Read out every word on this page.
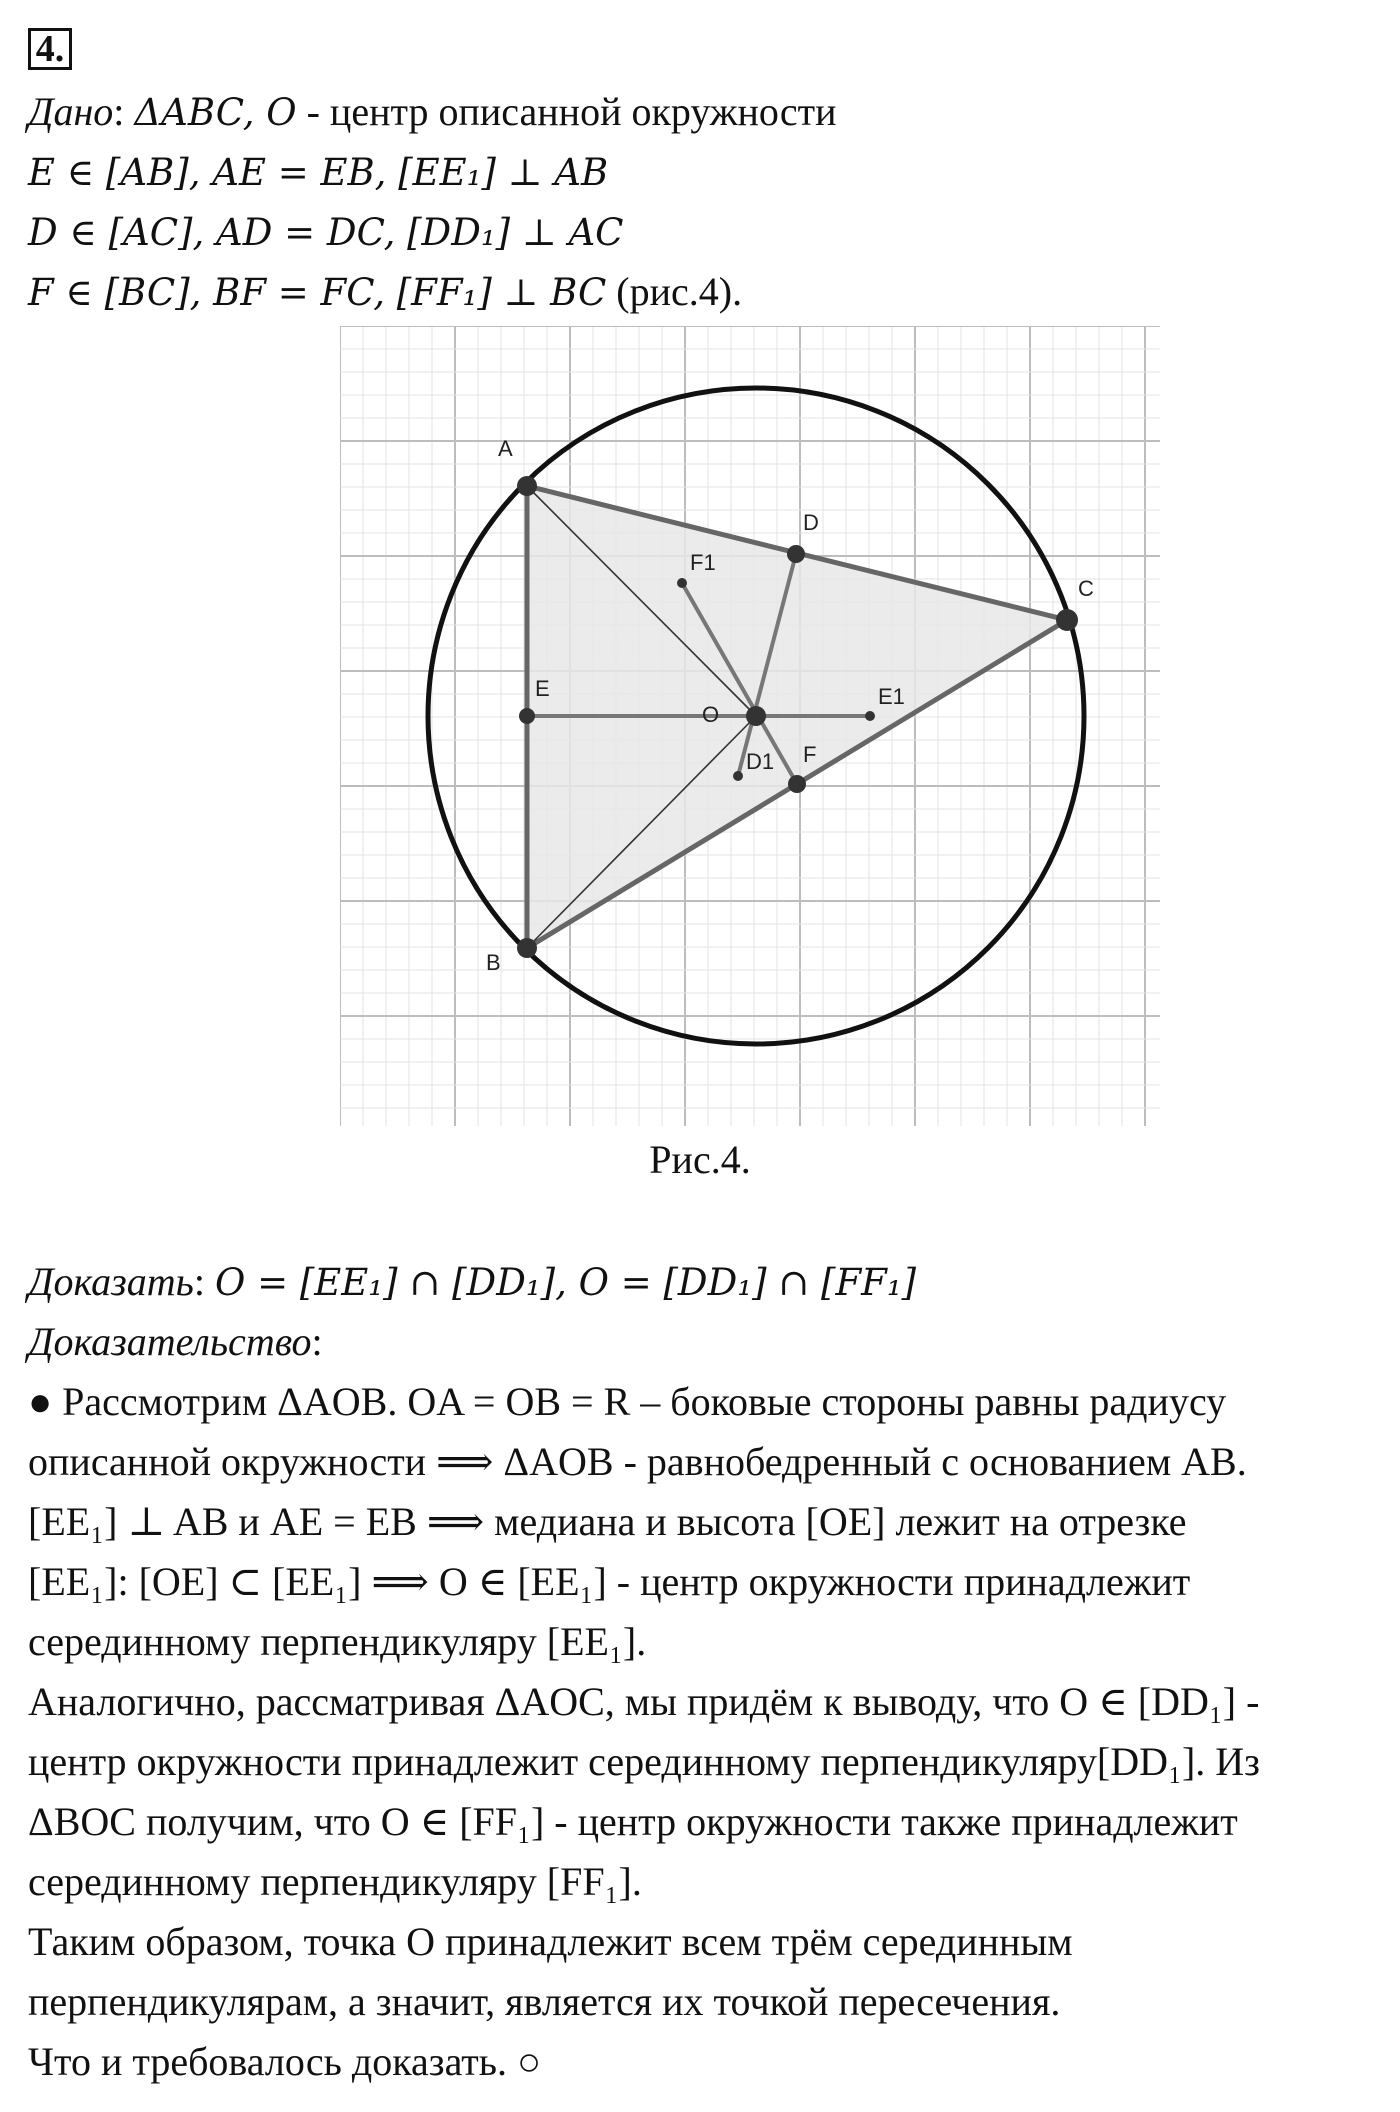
4.
Дано: ΔABC, O - центр описанной окружности
E ∈ [AB], AE = EB, [EE₁] ⊥ AB
D ∈ [AC], AD = DC, [DD₁] ⊥ AC
F ∈ [BC], BF = FC, [FF₁] ⊥ BC (рис.4).
A
B
C
D
E
F
O
E1
D1
F1
Рис.4.
Доказать: O = [EE₁] ∩ [DD₁], O = [DD₁] ∩ [FF₁]
Доказательство:
● Рассмотрим ΔAOB. OA = OB = R – боковые стороны равны радиусу
описанной окружности ⟹ ΔAOB - равнобедренный с основанием AB.
[EE₁] ⊥ AB и AE = EB ⟹ медиана и высота [OE] лежит на отрезке
[EE₁]: [OE] ⊂ [EE₁] ⟹ O ∈ [EE₁] - центр окружности принадлежит
серединному перпендикуляру [EE₁].
Аналогично, рассматривая ΔAOC, мы придём к выводу, что O ∈ [DD₁] -
центр окружности принадлежит серединному перпендикуляру[DD₁]. Из
ΔBOC получим, что O ∈ [FF₁] - центр окружности также принадлежит
серединному перпендикуляру [FF₁].
Таким образом, точка О принадлежит всем трём серединным
перпендикулярам, а значит, является их точкой пересечения.
Что и требовалось доказать. ○
